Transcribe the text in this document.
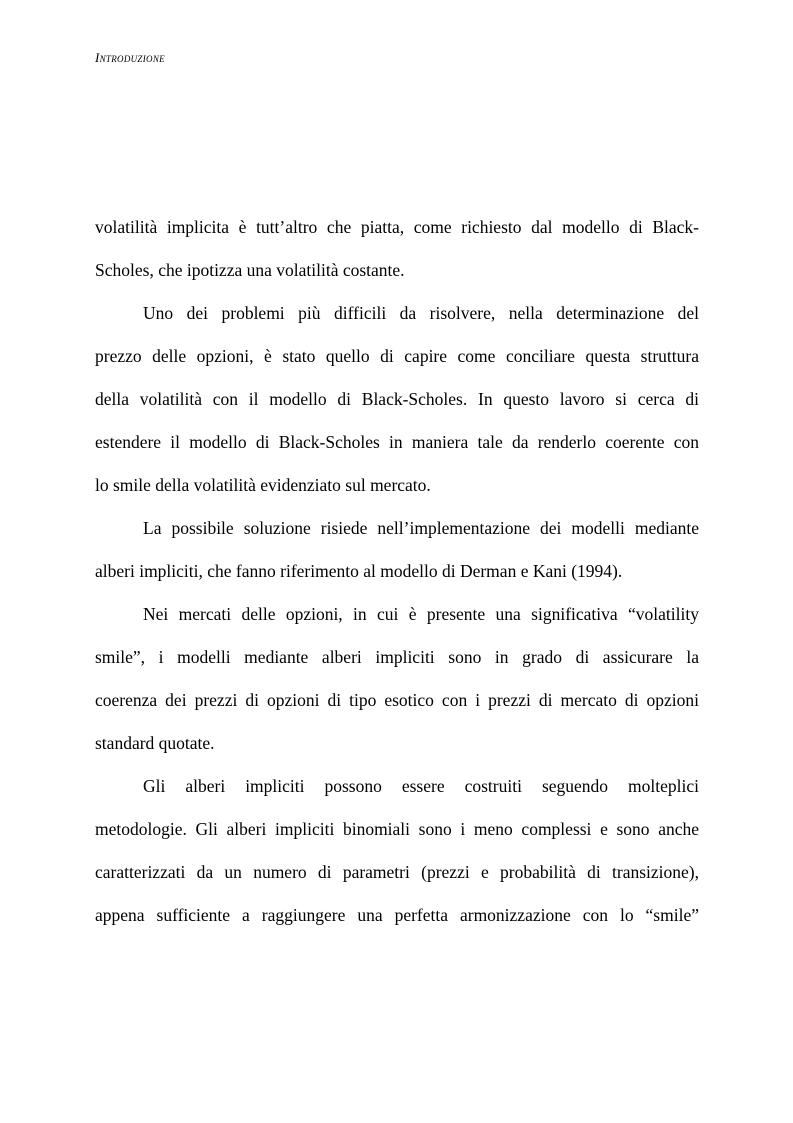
Introduzione
volatilità implicita è tutt’altro che piatta, come richiesto dal modello di Black-
Scholes, che ipotizza una volatilità costante.
Uno dei problemi più difficili da risolvere, nella determinazione del
prezzo delle opzioni, è stato quello di capire come conciliare questa struttura
della volatilità con il modello di Black-Scholes. In questo lavoro si cerca di
estendere il modello di Black-Scholes in maniera tale da renderlo coerente con
lo smile della volatilità evidenziato sul mercato.
La possibile soluzione risiede nell’implementazione dei modelli mediante
alberi impliciti, che fanno riferimento al modello di Derman e Kani (1994).
Nei mercati delle opzioni, in cui è presente una significativa “volatility
smile”, i modelli mediante alberi impliciti sono in grado di assicurare la
coerenza dei prezzi di opzioni di tipo esotico con i prezzi di mercato di opzioni
standard quotate.
Gli alberi impliciti possono essere costruiti seguendo molteplici
metodologie. Gli alberi impliciti binomiali sono i meno complessi e sono anche
caratterizzati da un numero di parametri (prezzi e probabilità di transizione),
appena sufficiente a raggiungere una perfetta armonizzazione con lo “smile”
